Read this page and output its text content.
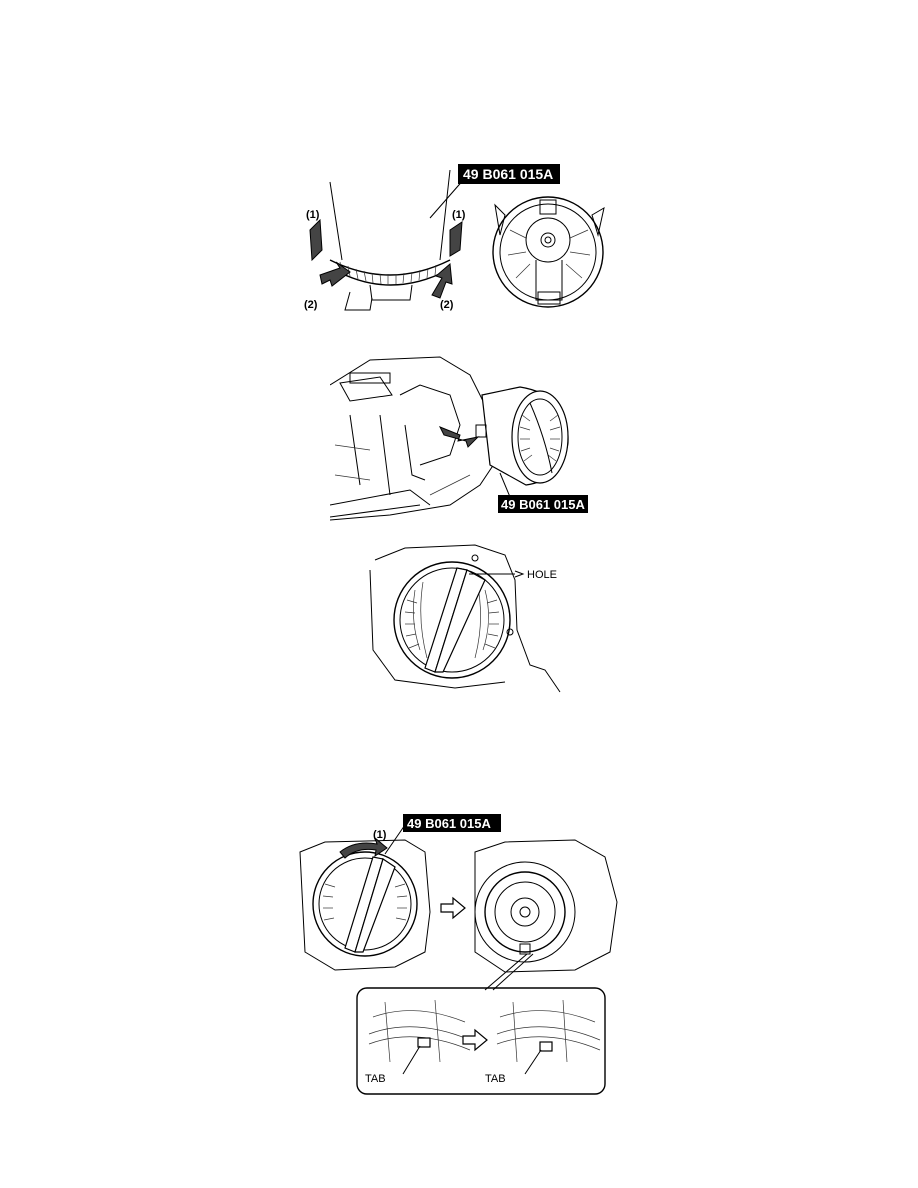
49 B061 015A
(1)	(1)
(2)	(2)
49 B061 015A
HOLE
(1)
49 B061 015A
TAB	TAB
